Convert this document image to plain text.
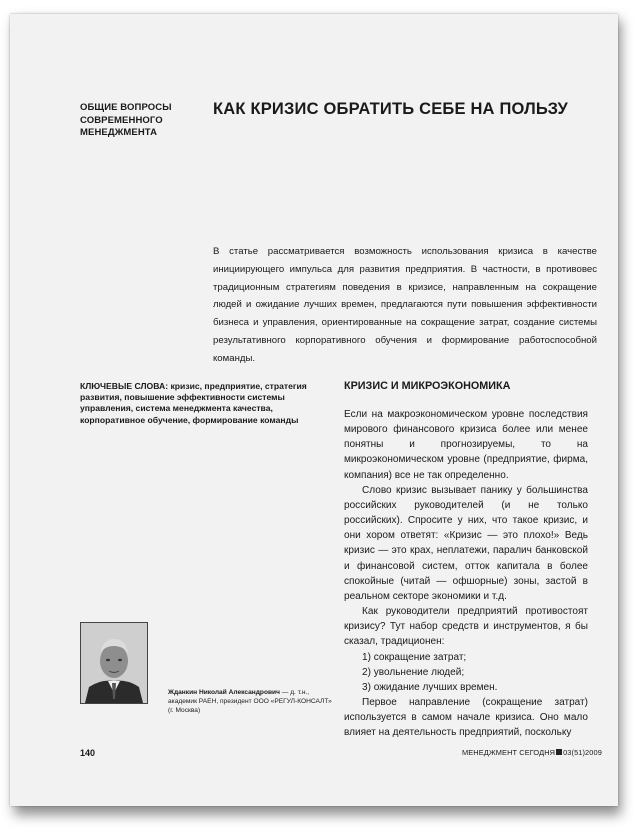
ОБЩИЕ ВОПРОСЫ СОВРЕМЕННОГО МЕНЕДЖМЕНТА
КАК КРИЗИС ОБРАТИТЬ СЕБЕ НА ПОЛЬЗУ
В статье рассматривается возможность использования кризиса в качестве инициирующего импульса для развития предприятия. В частности, в противовес традиционным стратегиям поведения в кризисе, направленным на сокращение людей и ожидание лучших времен, предлагаются пути повышения эффективности бизнеса и управления, ориентированные на сокращение затрат, создание системы результативного корпоративного обучения и формирование работоспособной команды.
КЛЮЧЕВЫЕ СЛОВА: кризис, предприятие, стратегия развития, повышение эффективности системы управления, система менеджмента качества, корпоративное обучение, формирование команды
Жданкин Николай Александрович — д. т.н., академик РАЕН, президент ООО «РЕГУЛ-КОНСАЛТ» (г. Москва)
КРИЗИС И МИКРОЭКОНОМИКА

Если на макроэкономическом уровне последствия мирового финансового кризиса более или менее понятны и прогнозируемы, то на микроэкономическом уровне (предприятие, фирма, компания) все не так определенно.

Слово кризис вызывает панику у большинства российских руководителей (и не только российских). Спросите у них, что такое кризис, и они хором ответят: «Кризис — это плохо!» Ведь кризис — это крах, неплатежи, паралич банковской и финансовой систем, отток капитала в более спокойные (читай — офшорные) зоны, застой в реальном секторе экономики и т.д.

Как руководители предприятий противостоят кризису? Тут набор средств и инструментов, я бы сказал, традиционен:

1) сокращение затрат;

2) увольнение людей;

3) ожидание лучших времен.

Первое направление (сокращение затрат) используется в самом начале кризиса. Оно мало влияет на деятельность предприятий, поскольку

140	МЕНЕДЖМЕНТ СЕГОДНЯ 03(51)2009
